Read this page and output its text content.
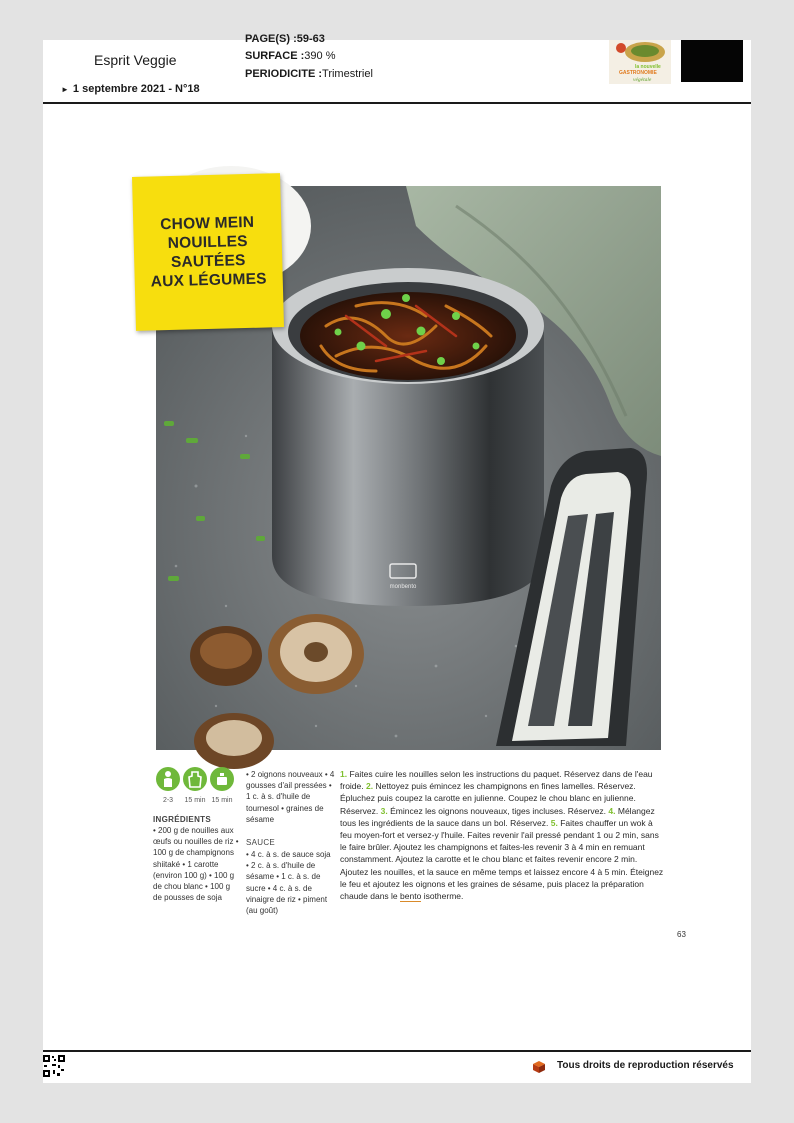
Esprit Veggie
► 1 septembre 2021 - N°18
PAGE(S) :59-63
SURFACE :390 %
PERIODICITE :Trimestriel
la nouvelle
GASTRONOMIE
végétale
monbento
CHOW MEIN
NOUILLES
SAUTÉES
AUX LÉGUMES
2-3	15 min 15 min
INGRÉDIENTS
• 200 g de nouilles aux œufs ou nouilles de riz • 100 g de champignons shiitaké • 1 carotte (environ 100 g) • 100 g de chou blanc • 100 g de pousses de soja
• 2 oignons nouveaux • 4 gousses d'ail pressées • 1 c. à s. d'huile de tournesol • graines de sésame
SAUCE
• 4 c. à s. de sauce soja • 2 c. à s. d'huile de sésame • 1 c. à s. de sucre • 4 c. à s. de vinaigre de riz • piment (au goût)
1. Faites cuire les nouilles selon les instructions du paquet. Réservez dans de l'eau froide. 2. Nettoyez puis émincez les champignons en fines lamelles. Réservez. Épluchez puis coupez la carotte en julienne. Coupez le chou blanc en julienne. Réservez. 3. Émincez les oignons nouveaux, tiges incluses. Réservez. 4. Mélangez tous les ingrédients de la sauce dans un bol. Réservez. 5. Faites chauffer un wok à feu moyen-fort et versez-y l'huile. Faites revenir l'ail pressé pendant 1 ou 2 min, sans le faire brûler. Ajoutez les champignons et faites-les revenir 3 à 4 min en remuant constamment. Ajoutez la carotte et le chou blanc et faites revenir encore 2 min. Ajoutez les nouilles, et la sauce en même temps et laissez encore 4 à 5 min. Éteignez le feu et ajoutez les oignons et les graines de sésame, puis placez la préparation chaude dans le bento isotherme.
63
Tous droits de reproduction réservés
